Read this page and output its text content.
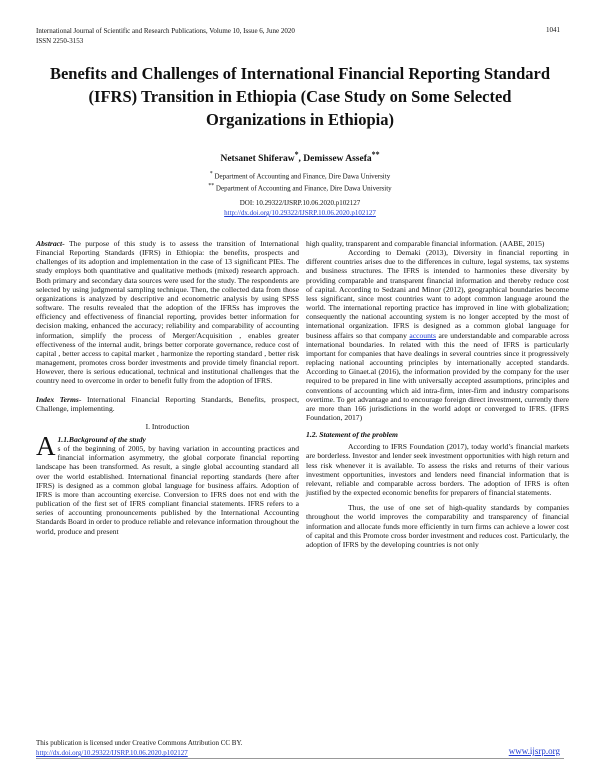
International Journal of Scientific and Research Publications, Volume 10, Issue 6, June 2020
ISSN 2250-3153
1041
Benefits and Challenges of International Financial Reporting Standard (IFRS) Transition in Ethiopia (Case Study on Some Selected Organizations in Ethiopia)
Netsanet Shiferaw*, Demissew Assefa**
* Department of Accounting and Finance, Dire Dawa University
** Department of Accounting and Finance, Dire Dawa University
DOI: 10.29322/IJSRP.10.06.2020.p102127
http://dx.doi.org/10.29322/IJSRP.10.06.2020.p102127

Abstract- The purpose of this study is to assess the transition of International Financial Reporting Standards (IFRS) in Ethiopia: the benefits, prospects and challenges of its adoption and implementation in the case of 13 significant PIEs. The study employs both quantitative and qualitative methods (mixed) research approach. Both primary and secondary data sources were used for the study. The respondents are selected by using judgmental sampling technique. Then, the collected data from those organizations is analyzed by descriptive and econometric analysis by using SPSS software. The results revealed that the adoption of the IFRSs has improves the efficiency and effectiveness of financial reporting, provides better information for decision making, enhanced the accuracy; reliability and comparability of accounting information, simplify the process of Merger/Acquisition , enables greater effectiveness of the internal audit, brings better corporate governance, reduce cost of capital , better access to capital market , harmonize the reporting standard , better risk management, promotes cross border investments and provide timely financial report. However, there is serious educational, technical and institutional challenges that the country need to overcome in order to benefit fully from the adoption of IFRS.

Index Terms- International Financial Reporting Standards, Benefits, prospect, Challenge, implementing.

I. Introduction

A 1.1.Background of the study
s of the beginning of 2005, by having variation in accounting practices and financial information asymmetry, the global corporate financial reporting landscape has been transformed. As result, a single global accounting standard all over the world established. International financial reporting standards (here after IFRS) is designed as a common global language for business affairs. Adoption of IFRS is more than accounting exercise. Conversion to IFRS does not end with the publication of the first set of IFRS compliant financial statements. IFRS refers to a series of accounting pronouncements published by the International Accounting Standards Board in order to produce reliable and relevance information throughout the world, produce and present

high quality, transparent and comparable financial information. (AABE, 2015)

According to Demaki (2013), Diversity in financial reporting in different countries arises due to the differences in culture, legal systems, tax systems and business structures. The IFRS is intended to harmonies these diversity by providing comparable and transparent financial information and thereby reduce cost of capital. According to Sedzani and Minor (2012), geographical boundaries become less significant, since most countries want to adopt common language around the world. The international reporting practice has improved in line with globalization; consequently the national accounting system is no longer accepted by the most of international organization. IFRS is designed as a common global language for business affairs so that company accounts are understandable and comparable across international boundaries. In related with this the need of IFRS is particularly important for companies that have dealings in several countries since it progressively replacing national accounting principles by internationally accepted standards. According to Ginaet.al (2016), the information provided by the company for the user required to be prepared in line with universally accepted assumptions, principles and conventions of accounting which aid intra-firm, inter-firm and industry comparisons overtime. To get advantage and to encourage foreign direct investment, currently there are more than 166 jurisdictions in the world adopt or converged to IFRS. (IFRS Foundation, 2017)

1.2. Statement of the problem

According to IFRS Foundation (2017), today world’s financial markets are borderless. Investor and lender seek investment opportunities with high return and less risk whenever it is available. To assess the risks and returns of their various investment opportunities, investors and lenders need financial information that is relevant, reliable and comparable across borders. The adoption of IFRS is often justified by the expected economic benefits for preparers of financial statements.

Thus, the use of one set of high-quality standards by companies throughout the world improves the comparability and transparency of financial information and allocate funds more efficiently in turn firms can achieve a lower cost of capital and this Promote cross border investment and reduces cost. Particularly, the adoption of IFRS by the developing countries is not only

This publication is licensed under Creative Commons Attribution CC BY.
http://dx.doi.org/10.29322/IJSRP.10.06.2020.p102127	www.ijsrp.org
